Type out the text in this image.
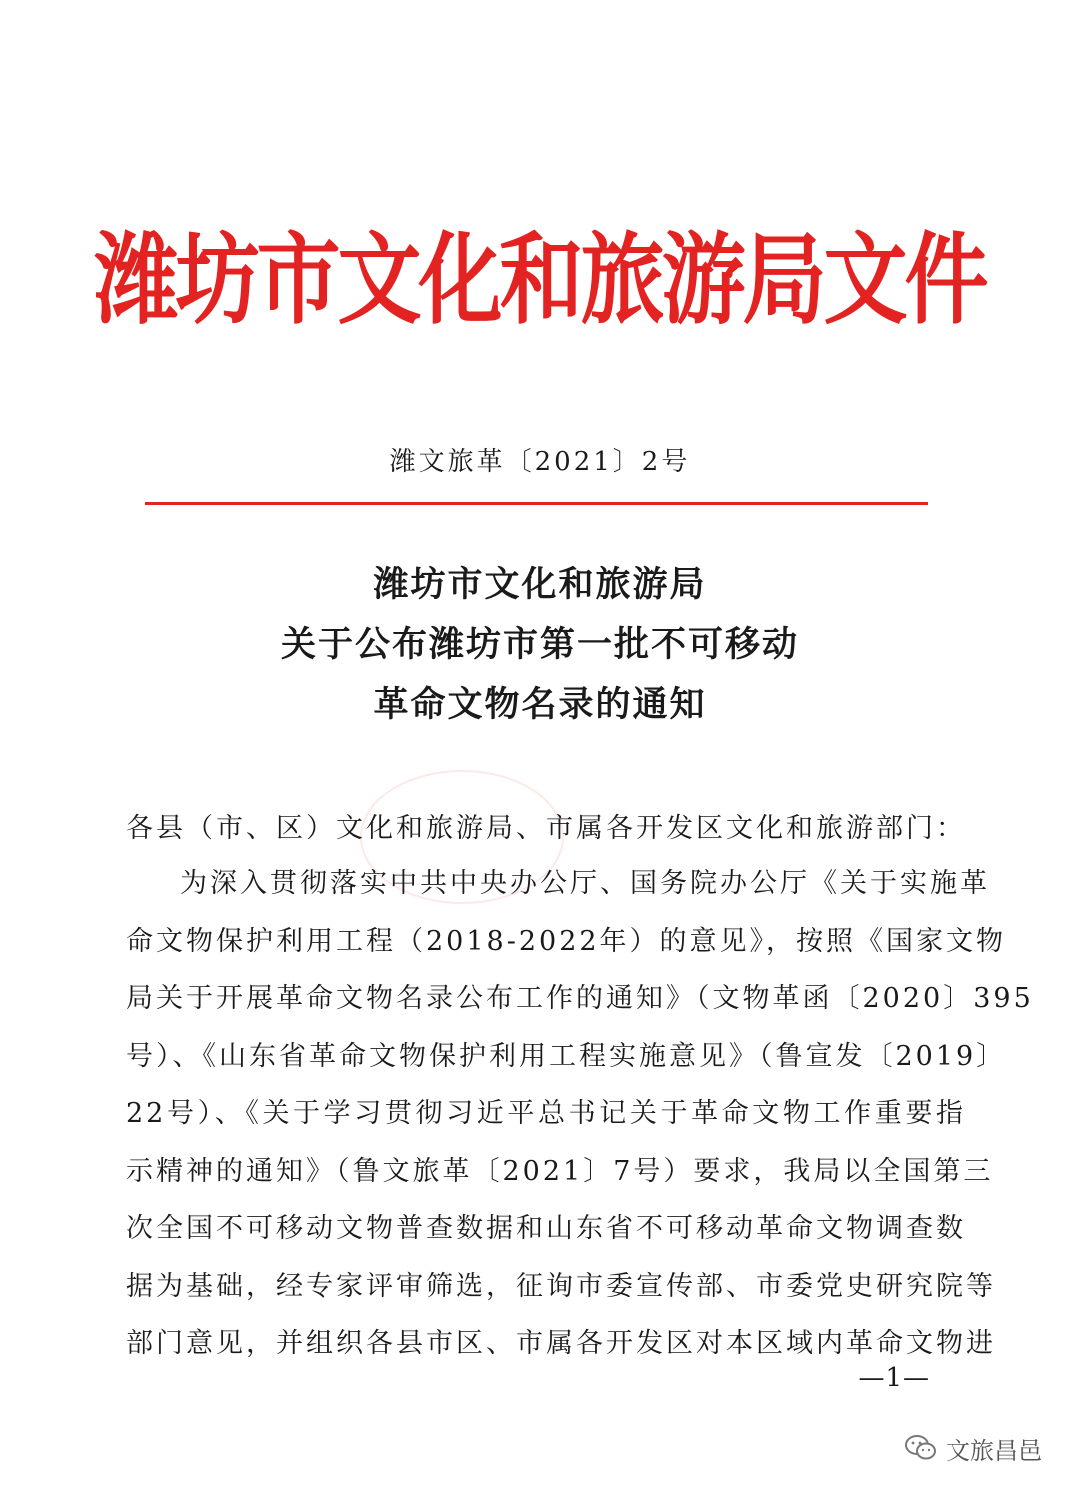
潍坊市文化和旅游局文件
潍文旅革〔2021〕2号
潍坊市文化和旅游局
关于公布潍坊市第一批不可移动
革命文物名录的通知
各县（市、区）文化和旅游局、市属各开发区文化和旅游部门：
为深入贯彻落实中共中央办公厅、国务院办公厅《关于实施革
命文物保护利用工程（2018-2022年）的意见》，按照《国家文物
局关于开展革命文物名录公布工作的通知》（文物革函〔2020〕395
号）、《山东省革命文物保护利用工程实施意见》（鲁宣发〔2019〕
22号）、《关于学习贯彻习近平总书记关于革命文物工作重要指
示精神的通知》（鲁文旅革〔2021〕7号）要求，我局以全国第三
次全国不可移动文物普查数据和山东省不可移动革命文物调查数
据为基础，经专家评审筛选，征询市委宣传部、市委党史研究院等
部门意见，并组织各县市区、市属各开发区对本区域内革命文物进
—1—
文旅昌邑
